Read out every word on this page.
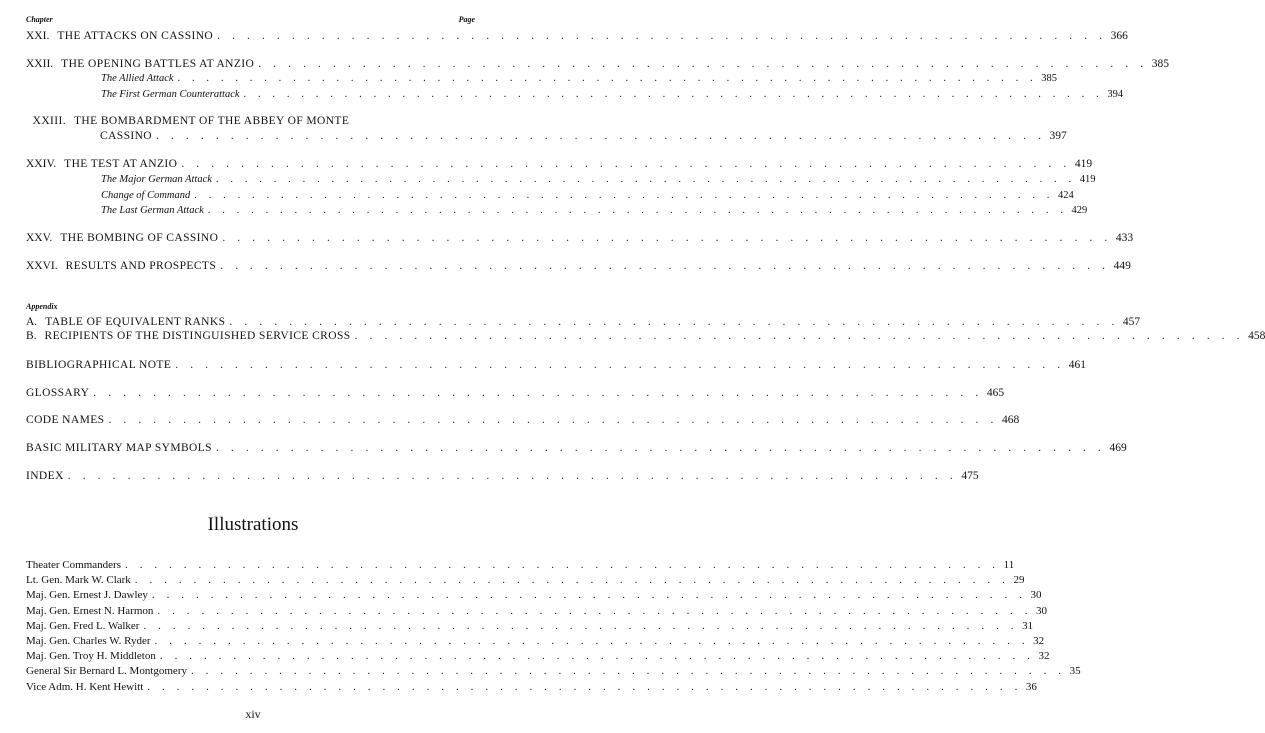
Chapter	Page
XXI. THE ATTACKS ON CASSINO . . . . . . . . . . . . . . . . . . . . . . . . . . . . . . . . . . . . . . . . . . . . . . . . . . . . . . . . . . . . 366
XXII. THE OPENING BATTLES AT ANZIO . . . . . . . . . . . . . . . . . . . . . . . . . . . . . . . . . . . . . . . . . . . . . . . . . . . . . . . . . . . . 385
The Allied Attack . . . . . . . . . . . . . . . . . . . . . . . . . . . . . . . . . . . . . . . . . . . . . . . . . . . . . . . . . . . . 385
The First German Counterattack . . . . . . . . . . . . . . . . . . . . . . . . . . . . . . . . . . . . . . . . . . . . . . . . . . . . . . . . . . . . 394
XXIII. THE BOMBARDMENT OF THE ABBEY OF MONTE
CASSINO . . . . . . . . . . . . . . . . . . . . . . . . . . . . . . . . . . . . . . . . . . . . . . . . . . . . . . . . . . . . 397
XXIV. THE TEST AT ANZIO . . . . . . . . . . . . . . . . . . . . . . . . . . . . . . . . . . . . . . . . . . . . . . . . . . . . . . . . . . . . 419
The Major German Attack . . . . . . . . . . . . . . . . . . . . . . . . . . . . . . . . . . . . . . . . . . . . . . . . . . . . . . . . . . . . 419
Change of Command . . . . . . . . . . . . . . . . . . . . . . . . . . . . . . . . . . . . . . . . . . . . . . . . . . . . . . . . . . . . 424
The Last German Attack . . . . . . . . . . . . . . . . . . . . . . . . . . . . . . . . . . . . . . . . . . . . . . . . . . . . . . . . . . . . 429
XXV. THE BOMBING OF CASSINO . . . . . . . . . . . . . . . . . . . . . . . . . . . . . . . . . . . . . . . . . . . . . . . . . . . . . . . . . . . . 433
XXVI. RESULTS AND PROSPECTS . . . . . . . . . . . . . . . . . . . . . . . . . . . . . . . . . . . . . . . . . . . . . . . . . . . . . . . . . . . . 449
Appendix
A. TABLE OF EQUIVALENT RANKS . . . . . . . . . . . . . . . . . . . . . . . . . . . . . . . . . . . . . . . . . . . . . . . . . . . . . . . . . . . . 457
B. RECIPIENTS OF THE DISTINGUISHED SERVICE CROSS . . . . . . . . . . . . . . . . . . . . . . . . . . . . . . . . . . . . . . . . . . . . . . . . . . . . . . . . . . . . 458
BIBLIOGRAPHICAL NOTE . . . . . . . . . . . . . . . . . . . . . . . . . . . . . . . . . . . . . . . . . . . . . . . . . . . . . . . . . . . . 461
GLOSSARY . . . . . . . . . . . . . . . . . . . . . . . . . . . . . . . . . . . . . . . . . . . . . . . . . . . . . . . . . . . . 465
CODE NAMES . . . . . . . . . . . . . . . . . . . . . . . . . . . . . . . . . . . . . . . . . . . . . . . . . . . . . . . . . . . . 468
BASIC MILITARY MAP SYMBOLS . . . . . . . . . . . . . . . . . . . . . . . . . . . . . . . . . . . . . . . . . . . . . . . . . . . . . . . . . . . . 469
INDEX . . . . . . . . . . . . . . . . . . . . . . . . . . . . . . . . . . . . . . . . . . . . . . . . . . . . . . . . . . . . 475
Illustrations
Theater Commanders . . . . . . . . . . . . . . . . . . . . . . . . . . . . . . . . . . . . . . . . . . . . . . . . . . . . . . . . . . . . 11
Lt. Gen. Mark W. Clark . . . . . . . . . . . . . . . . . . . . . . . . . . . . . . . . . . . . . . . . . . . . . . . . . . . . . . . . . . . . 29
Maj. Gen. Ernest J. Dawley . . . . . . . . . . . . . . . . . . . . . . . . . . . . . . . . . . . . . . . . . . . . . . . . . . . . . . . . . . . . 30
Maj. Gen. Ernest N. Harmon . . . . . . . . . . . . . . . . . . . . . . . . . . . . . . . . . . . . . . . . . . . . . . . . . . . . . . . . . . . . 30
Maj. Gen. Fred L. Walker . . . . . . . . . . . . . . . . . . . . . . . . . . . . . . . . . . . . . . . . . . . . . . . . . . . . . . . . . . . . 31
Maj. Gen. Charles W. Ryder . . . . . . . . . . . . . . . . . . . . . . . . . . . . . . . . . . . . . . . . . . . . . . . . . . . . . . . . . . . . 32
Maj. Gen. Troy H. Middleton . . . . . . . . . . . . . . . . . . . . . . . . . . . . . . . . . . . . . . . . . . . . . . . . . . . . . . . . . . . . 32
General Sir Bernard L. Montgomery . . . . . . . . . . . . . . . . . . . . . . . . . . . . . . . . . . . . . . . . . . . . . . . . . . . . . . . . . . . . 35
Vice Adm. H. Kent Hewitt . . . . . . . . . . . . . . . . . . . . . . . . . . . . . . . . . . . . . . . . . . . . . . . . . . . . . . . . . . . . 36
xiv
